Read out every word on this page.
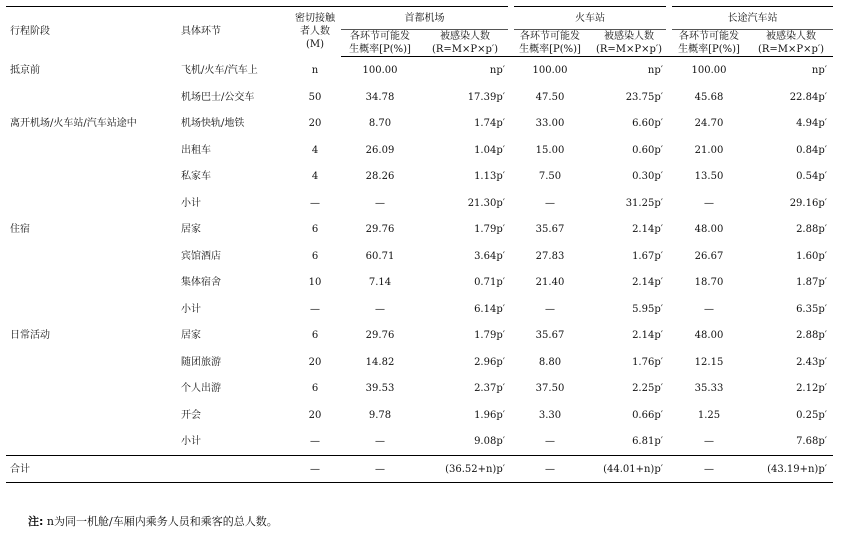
行程阶段	具体环节	密切接触者人数(M)	首都机场		火车站		长途汽车站	
			各环节可能发生概率[P(%)]	被感染人数(R=M×P×p′)	各环节可能发生概率[P(%)]	被感染人数(R=M×P×p′)	各环节可能发生概率[P(%)]	被感染人数(R=M×P×p′)
抵京前	飞机/火车/汽车上	n	100.00	np′	100.00	np′	100.00	np′
	机场巴士/公交车	50	34.78	17.39p′	47.50	23.75p′	45.68	22.84p′
离开机场/火车站/汽车站途中	机场快轨/地铁	20	8.70	1.74p′	33.00	6.60p′	24.70	4.94p′
	出租车	4	26.09	1.04p′	15.00	0.60p′	21.00	0.84p′
	私家车	4	28.26	1.13p′	7.50	0.30p′	13.50	0.54p′
	小计	—	—	21.30p′	—	31.25p′	—	29.16p′
住宿	居家	6	29.76	1.79p′	35.67	2.14p′	48.00	2.88p′
	宾馆酒店	6	60.71	3.64p′	27.83	1.67p′	26.67	1.60p′
	集体宿舍	10	7.14	0.71p′	21.40	2.14p′	18.70	1.87p′
	小计	—	—	6.14p′	—	5.95p′	—	6.35p′
日常活动	居家	6	29.76	1.79p′	35.67	2.14p′	48.00	2.88p′
	随团旅游	20	14.82	2.96p′	8.80	1.76p′	12.15	2.43p′
	个人出游	6	39.53	2.37p′	37.50	2.25p′	35.33	2.12p′
	开会	20	9.78	1.96p′	3.30	0.66p′	1.25	0.25p′
	小计	—	—	9.08p′	—	6.81p′	—	7.68p′
合计		—	—	(36.52+n)p′	—	(44.01+n)p′	—	(43.19+n)p′
注: n为同一机舱/车厢内乘务人员和乘客的总人数。
